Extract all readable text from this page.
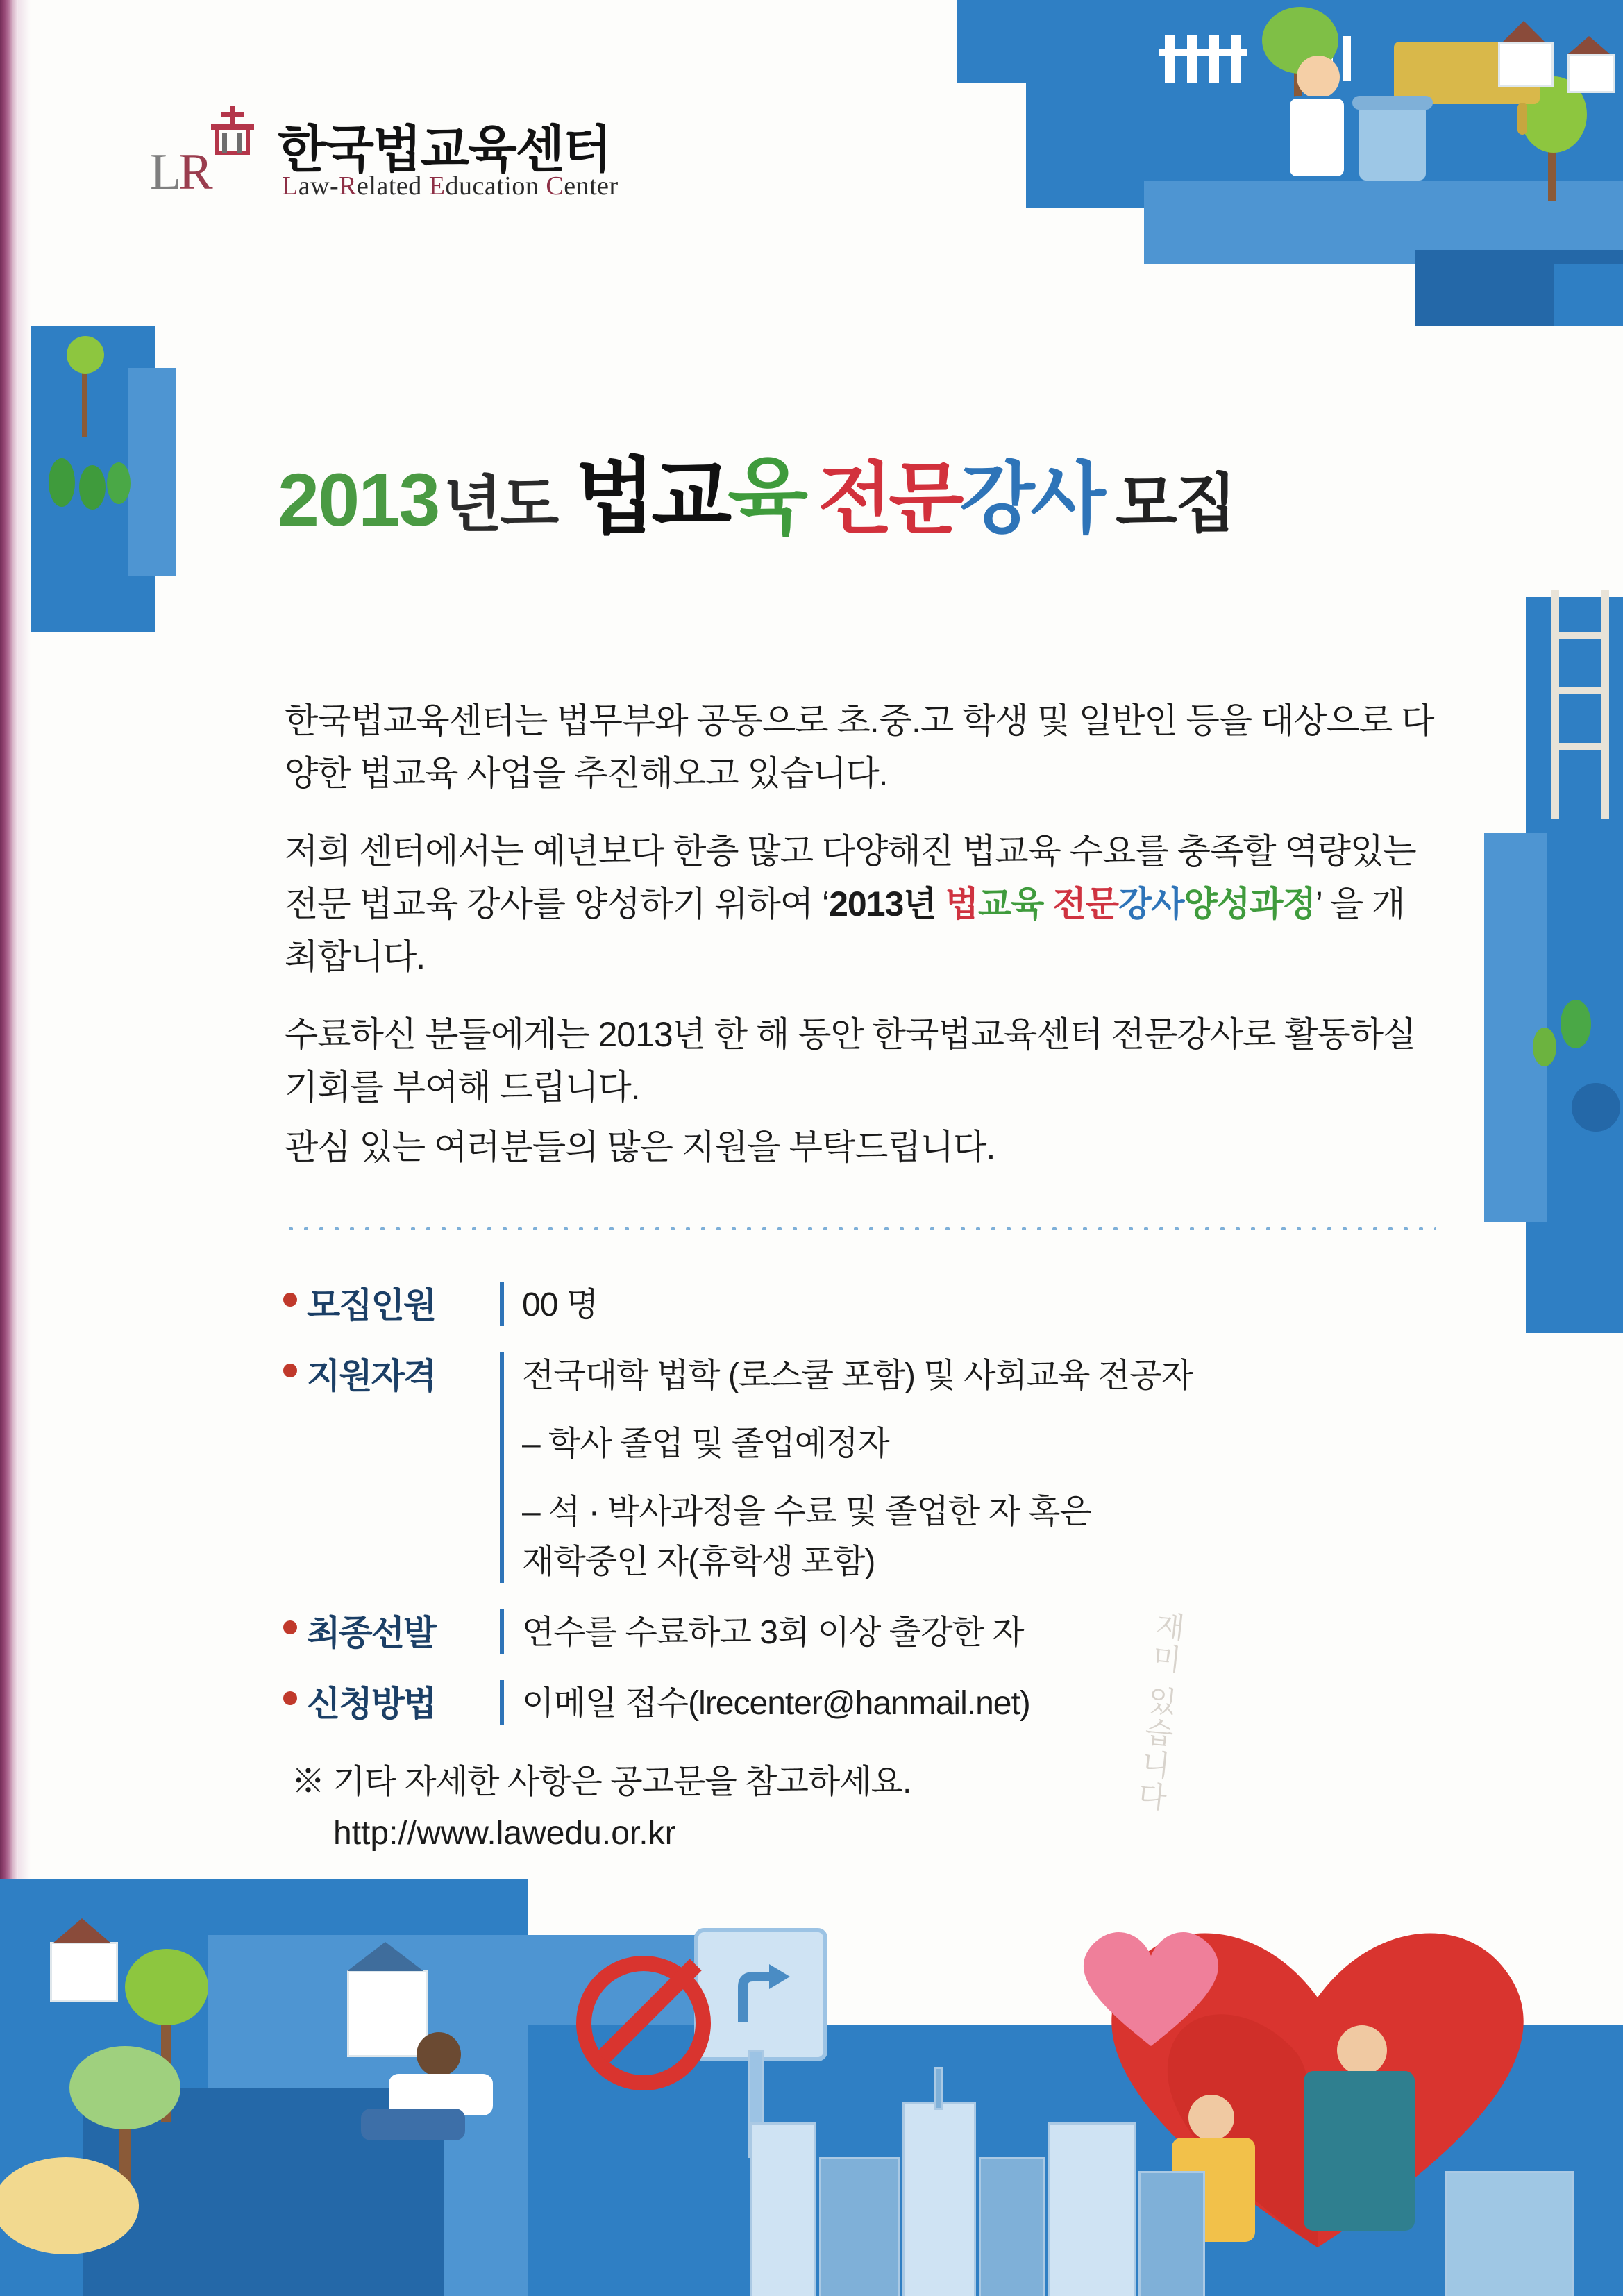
LR 한국법교육센터
Law-Related Education Center
2013년도 법교육 전문강사 모집

한국법교육센터는 법무부와 공동으로 초.중.고 학생 및 일반인 등을 대상으로 다양한 법교육 사업을 추진해오고 있습니다.

저희 센터에서는 예년보다 한층 많고 다양해진 법교육 수요를 충족할 역량있는 전문 법교육 강사를 양성하기 위하여 ‘2013년 법교육 전문강사양성과정’ 을 개최합니다.

수료하신 분들에게는 2013년 한 해 동안 한국법교육센터 전문강사로 활동하실 기회를 부여해 드립니다.

관심 있는 여러분들의 많은 지원을 부탁드립니다.

모집인원	00 명
지원자격	전국대학 법학 (로스쿨 포함) 및 사회교육 전공자
– 학사 졸업 및 졸업예정자
– 석 · 박사과정을 수료 및 졸업한 자 혹은
재학중인 자(휴학생 포함)
최종선발	연수를 수료하고 3회 이상 출강한 자
신청방법	이메일 접수(lrecenter@hanmail.net)
※ 기타 자세한 사항은 공고문을 참고하세요.
http://www.lawedu.or.kr
재미 있습니다
